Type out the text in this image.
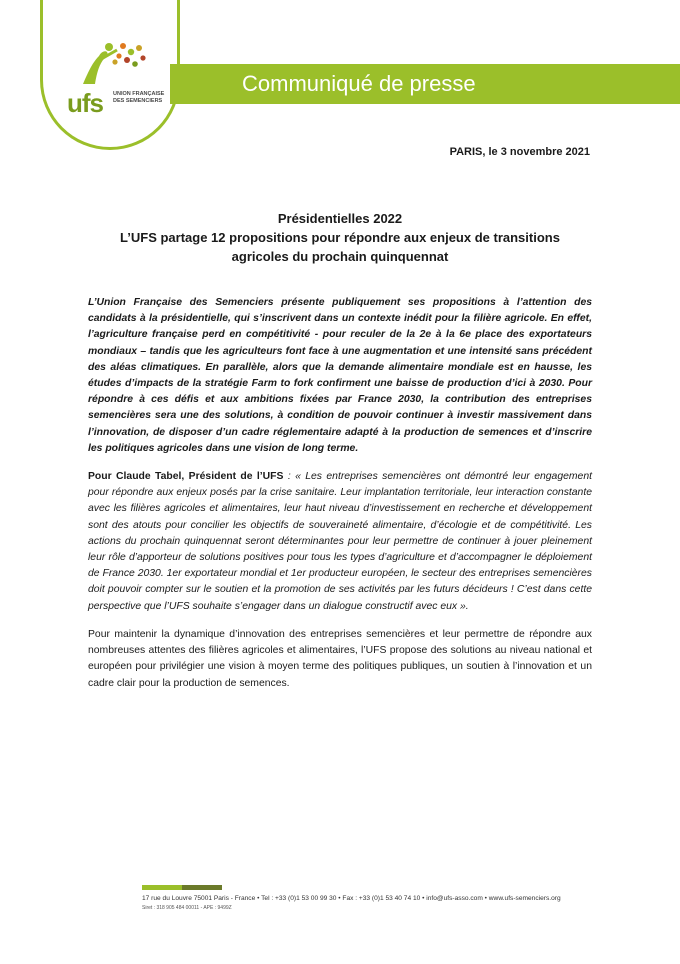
ufs UNION FRANÇAISE DES SEMENCIERS
Communiqué de presse
PARIS, le 3 novembre 2021
Présidentielles 2022
L’UFS partage 12 propositions pour répondre aux enjeux de transitions
agricoles du prochain quinquennat
L’Union Française des Semenciers présente publiquement ses propositions à l’attention des candidats à la présidentielle, qui s’inscrivent dans un contexte inédit pour la filière agricole. En effet, l’agriculture française perd en compétitivité - pour reculer de la 2e à la 6e place des exportateurs mondiaux – tandis que les agriculteurs font face à une augmentation et une intensité sans précédent des aléas climatiques. En parallèle, alors que la demande alimentaire mondiale est en hausse, les études d’impacts de la stratégie Farm to fork confirment une baisse de production d’ici à 2030. Pour répondre à ces défis et aux ambitions fixées par France 2030, la contribution des entreprises semencières sera une des solutions, à condition de pouvoir continuer à investir massivement dans l’innovation, de disposer d’un cadre réglementaire adapté à la production de semences et d’inscrire les politiques agricoles dans une vision de long terme.
Pour Claude Tabel, Président de l’UFS : « Les entreprises semencières ont démontré leur engagement pour répondre aux enjeux posés par la crise sanitaire. Leur implantation territoriale, leur interaction constante avec les filières agricoles et alimentaires, leur haut niveau d’investissement en recherche et développement sont des atouts pour concilier les objectifs de souveraineté alimentaire, d’écologie et de compétitivité. Les actions du prochain quinquennat seront déterminantes pour leur permettre de continuer à jouer pleinement leur rôle d’apporteur de solutions positives pour tous les types d’agriculture et d’accompagner le déploiement de France 2030. 1er exportateur mondial et 1er producteur européen, le secteur des entreprises semencières doit pouvoir compter sur le soutien et la promotion de ses activités par les futurs décideurs ! C’est dans cette perspective que l’UFS souhaite s’engager dans un dialogue constructif avec eux ».
Pour maintenir la dynamique d’innovation des entreprises semencières et leur permettre de répondre aux nombreuses attentes des filières agricoles et alimentaires, l’UFS propose des solutions au niveau national et européen pour privilégier une vision à moyen terme des politiques publiques, un soutien à l’innovation et un cadre clair pour la production de semences.
17 rue du Louvre 75001 Paris - France • Tel : +33 (0)1 53 00 99 30 • Fax : +33 (0)1 53 40 74 10 • info@ufs-asso.com • www.ufs-semenciers.org
Siret : 318 905 484 00011 - APE : 9499Z
